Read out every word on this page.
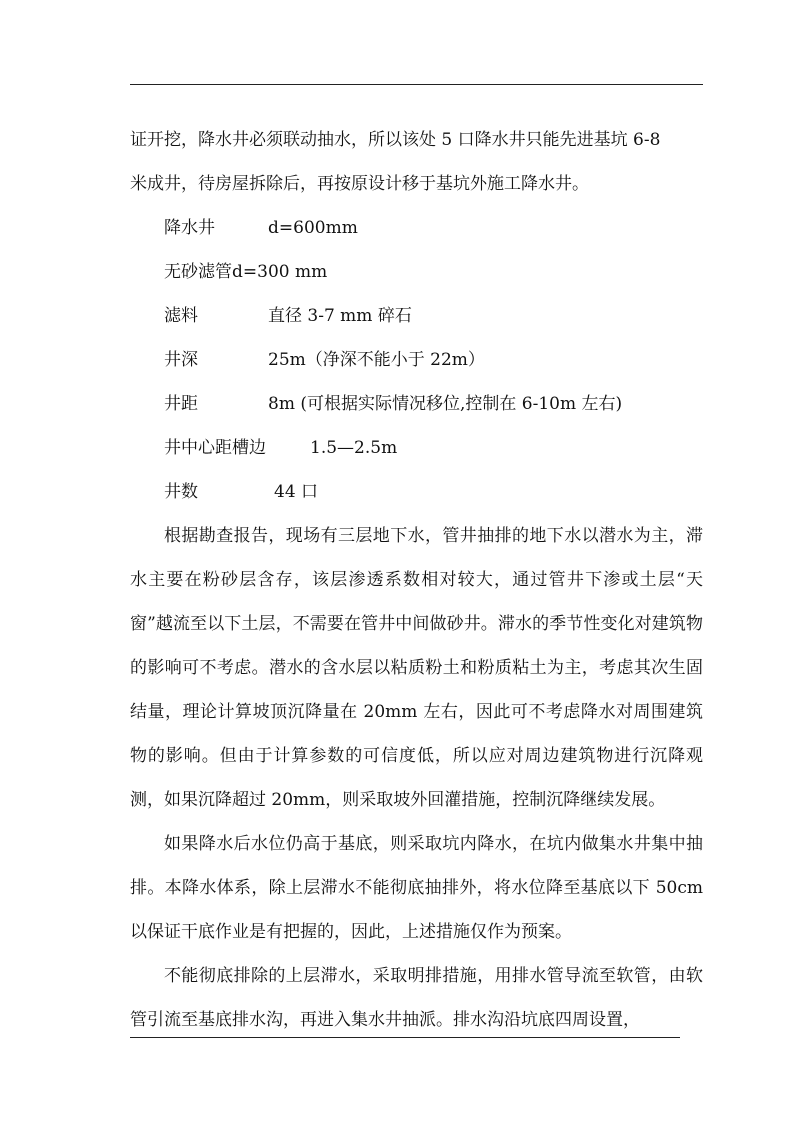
证开挖，降水井必须联动抽水，所以该处 5 口降水井只能先进基坑 6-8

米成井，待房屋拆除后，再按原设计移于基坑外施工降水井。

降水井	d=600mm
无砂滤管d=300 mm
滤料	直径 3-7 mm 碎石
井深	25m（净深不能小于 22m）
井距	8m (可根据实际情况移位,控制在 6-10m 左右)
井中心距槽边	1.5—2.5m
井数	44 口

根据勘查报告，现场有三层地下水，管井抽排的地下水以潜水为主，滞水主要在粉砂层含存，该层渗透系数相对较大，通过管井下渗或土层“天窗”越流至以下土层，不需要在管井中间做砂井。滞水的季节性变化对建筑物的影响可不考虑。潜水的含水层以粘质粉土和粉质粘土为主，考虑其次生固结量，理论计算坡顶沉降量在 20mm 左右，因此可不考虑降水对周围建筑物的影响。但由于计算参数的可信度低，所以应对周边建筑物进行沉降观测，如果沉降超过 20mm，则采取坡外回灌措施，控制沉降继续发展。

如果降水后水位仍高于基底，则采取坑内降水，在坑内做集水井集中抽排。本降水体系，除上层滞水不能彻底抽排外，将水位降至基底以下 50cm 以保证干底作业是有把握的，因此，上述措施仅作为预案。

不能彻底排除的上层滞水，采取明排措施，用排水管导流至软管，由软管引流至基底排水沟，再进入集水井抽派。排水沟沿坑底四周设置，
